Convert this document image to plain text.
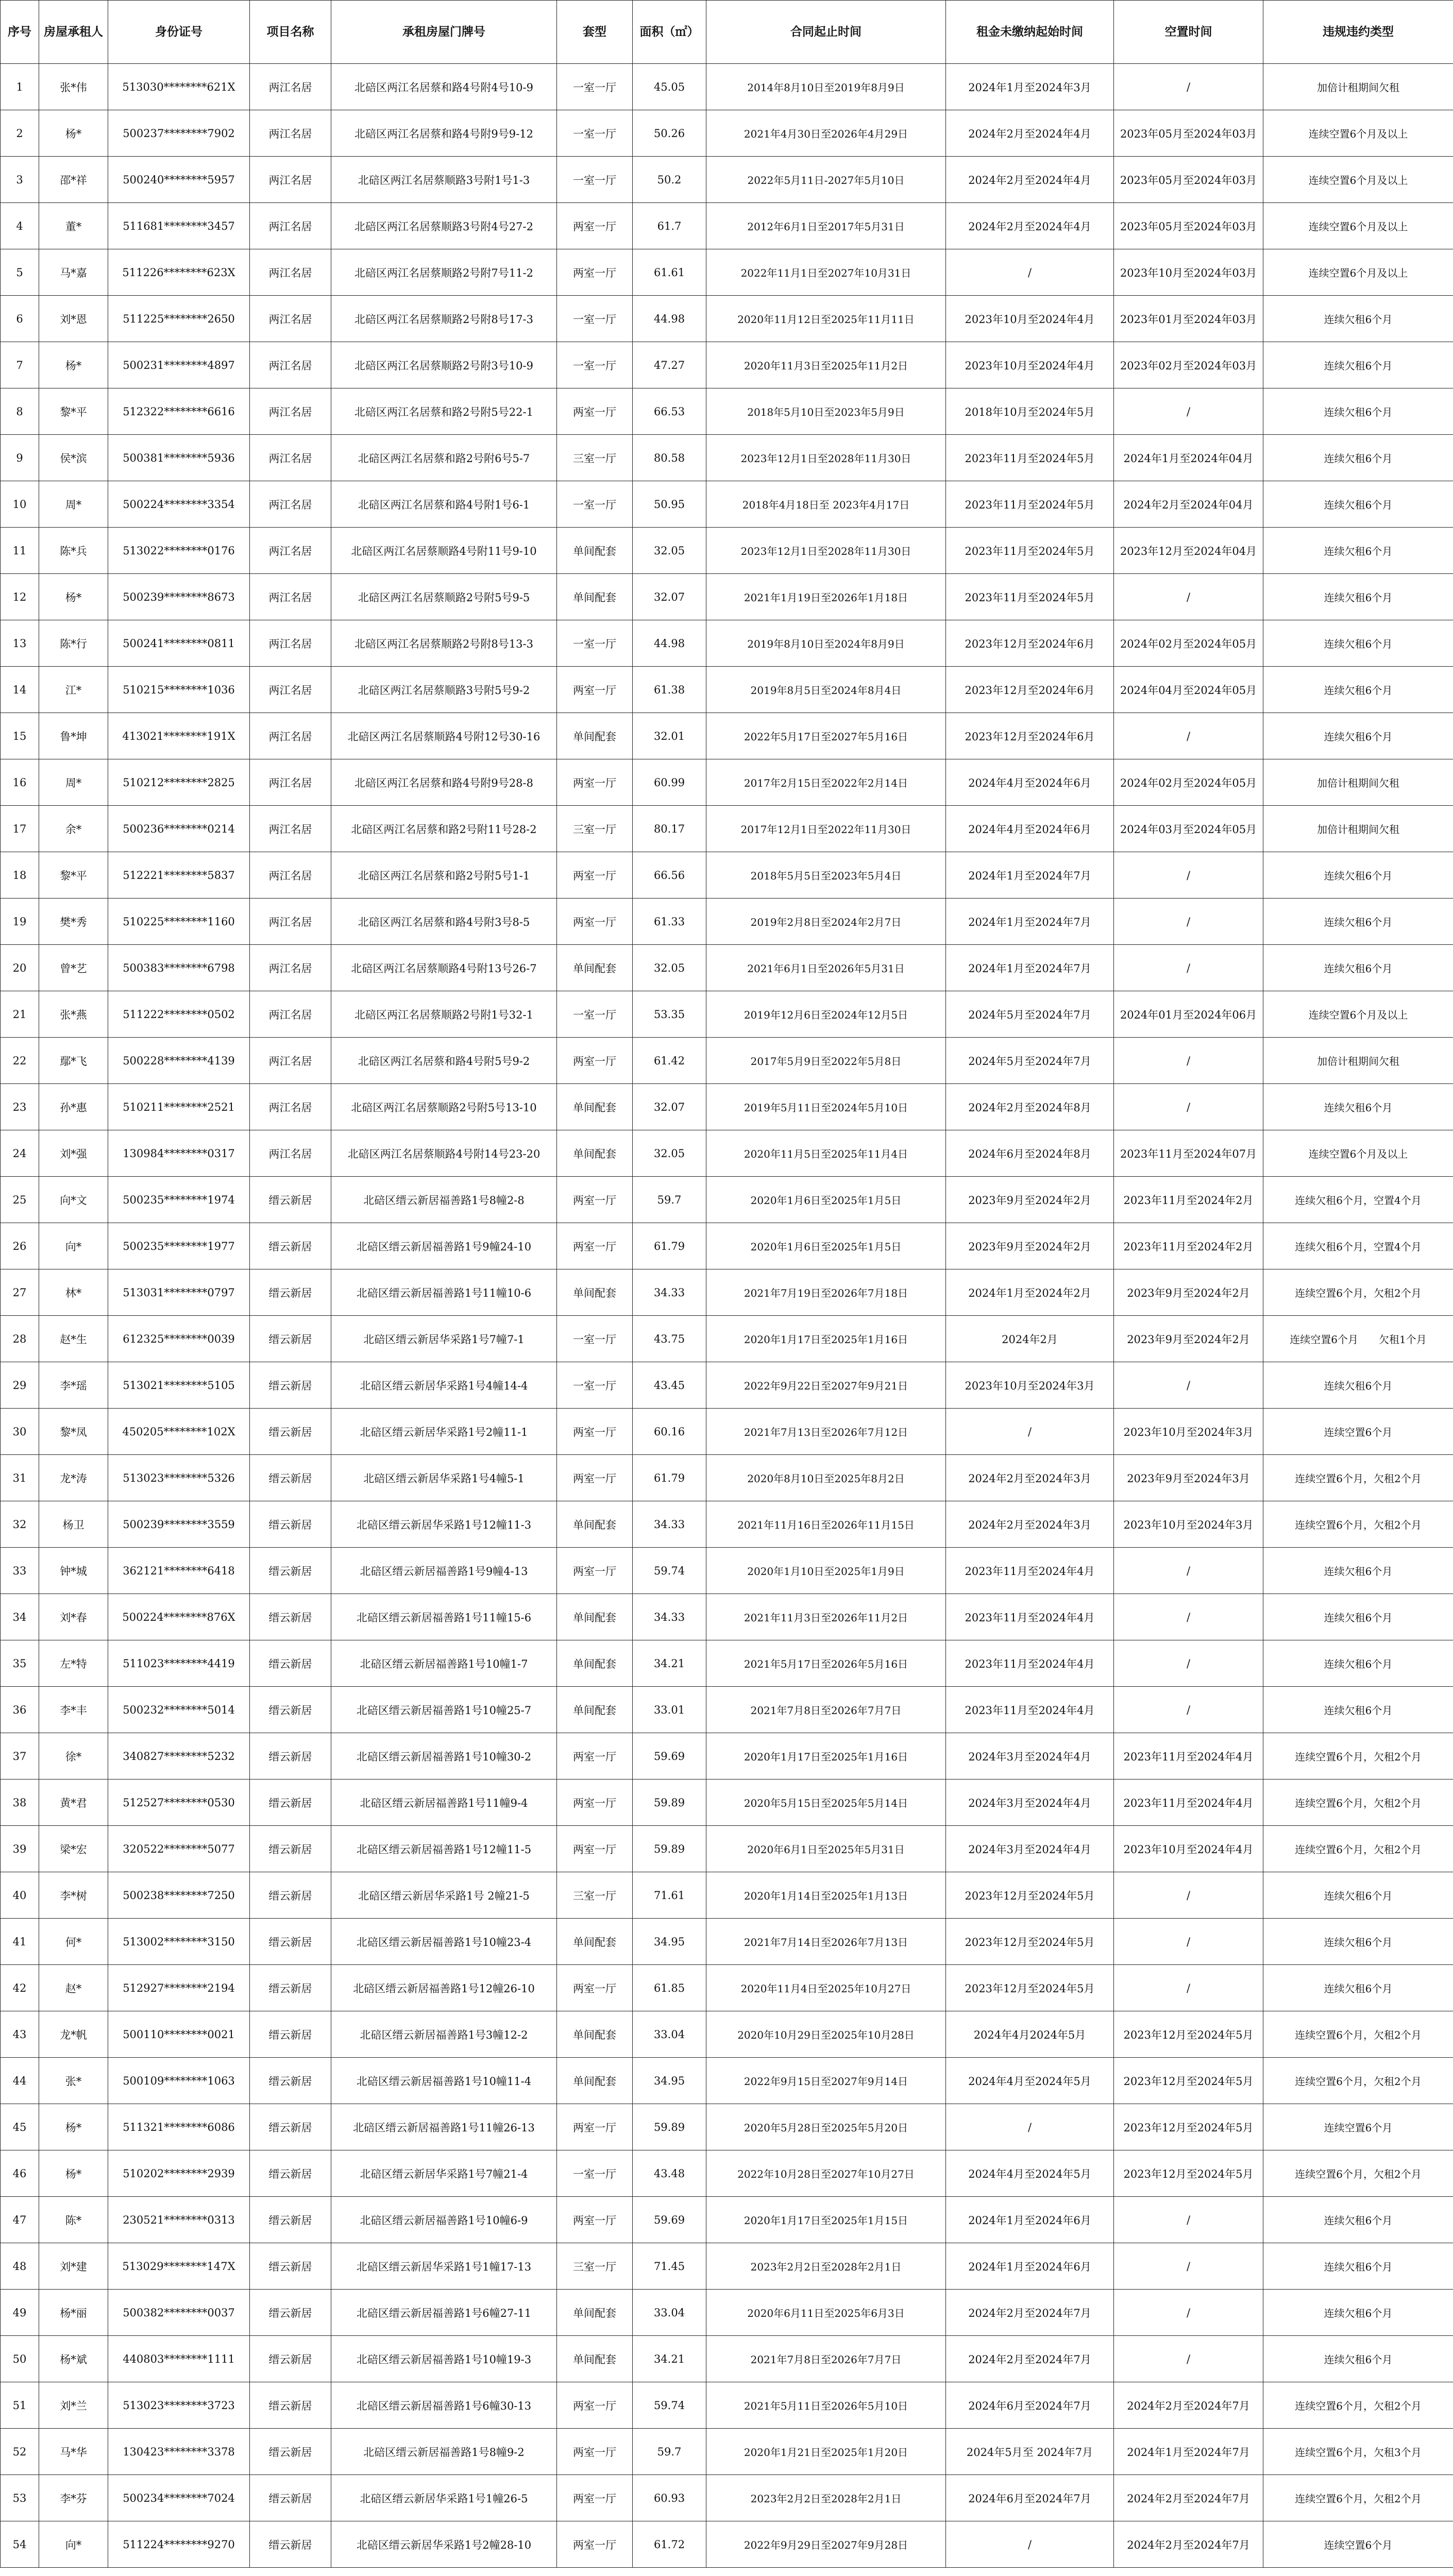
序号	房屋承租人	身份证号	项目名称	承租房屋门牌号	套型	面积（㎡）	合同起止时间	租金未缴纳起始时间	空置时间	违规违约类型
1	张*伟	513030********621X	两江名居	北碚区两江名居蔡和路4号附4号10-9	一室一厅	45.05	2014年8月10日至2019年8月9日	2024年1月至2024年3月	/	加倍计租期间欠租
2	杨*	500237********7902	两江名居	北碚区两江名居蔡和路4号附9号9-12	一室一厅	50.26	2021年4月30日至2026年4月29日	2024年2月至2024年4月	2023年05月至2024年03月	连续空置6个月及以上
3	邵*祥	500240********5957	两江名居	北碚区两江名居蔡顺路3号附1号1-3	一室一厅	50.2	2022年5月11日-2027年5月10日	2024年2月至2024年4月	2023年05月至2024年03月	连续空置6个月及以上
4	董*	511681********3457	两江名居	北碚区两江名居蔡顺路3号附4号27-2	两室一厅	61.7	2012年6月1日至2017年5月31日	2024年2月至2024年4月	2023年05月至2024年03月	连续空置6个月及以上
5	马*嘉	511226********623X	两江名居	北碚区两江名居蔡顺路2号附7号11-2	两室一厅	61.61	2022年11月1日至2027年10月31日	/	2023年10月至2024年03月	连续空置6个月及以上
6	刘*恩	511225********2650	两江名居	北碚区两江名居蔡顺路2号附8号17-3	一室一厅	44.98	2020年11月12日至2025年11月11日	2023年10月至2024年4月	2023年01月至2024年03月	连续欠租6个月
7	杨*	500231********4897	两江名居	北碚区两江名居蔡顺路2号附3号10-9	一室一厅	47.27	2020年11月3日至2025年11月2日	2023年10月至2024年4月	2023年02月至2024年03月	连续欠租6个月
8	黎*平	512322********6616	两江名居	北碚区两江名居蔡和路2号附5号22-1	两室一厅	66.53	2018年5月10日至2023年5月9日	2018年10月至2024年5月	/	连续欠租6个月
9	侯*滨	500381********5936	两江名居	北碚区两江名居蔡和路2号附6号5-7	三室一厅	80.58	2023年12月1日至2028年11月30日	2023年11月至2024年5月	2024年1月至2024年04月	连续欠租6个月
10	周*	500224********3354	两江名居	北碚区两江名居蔡和路4号附1号6-1	一室一厅	50.95	2018年4月18日至 2023年4月17日	2023年11月至2024年5月	2024年2月至2024年04月	连续欠租6个月
11	陈*兵	513022********0176	两江名居	北碚区两江名居蔡顺路4号附11号9-10	单间配套	32.05	2023年12月1日至2028年11月30日	2023年11月至2024年5月	2023年12月至2024年04月	连续欠租6个月
12	杨*	500239********8673	两江名居	北碚区两江名居蔡顺路2号附5号9-5	单间配套	32.07	2021年1月19日至2026年1月18日	2023年11月至2024年5月	/	连续欠租6个月
13	陈*行	500241********0811	两江名居	北碚区两江名居蔡顺路2号附8号13-3	一室一厅	44.98	2019年8月10日至2024年8月9日	2023年12月至2024年6月	2024年02月至2024年05月	连续欠租6个月
14	江*	510215********1036	两江名居	北碚区两江名居蔡顺路3号附5号9-2	两室一厅	61.38	2019年8月5日至2024年8月4日	2023年12月至2024年6月	2024年04月至2024年05月	连续欠租6个月
15	鲁*坤	413021********191X	两江名居	北碚区两江名居蔡顺路4号附12号30-16	单间配套	32.01	2022年5月17日至2027年5月16日	2023年12月至2024年6月	/	连续欠租6个月
16	周*	510212********2825	两江名居	北碚区两江名居蔡和路4号附9号28-8	两室一厅	60.99	2017年2月15日至2022年2月14日	2024年4月至2024年6月	2024年02月至2024年05月	加倍计租期间欠租
17	余*	500236********0214	两江名居	北碚区两江名居蔡和路2号附11号28-2	三室一厅	80.17	2017年12月1日至2022年11月30日	2024年4月至2024年6月	2024年03月至2024年05月	加倍计租期间欠租
18	黎*平	512221********5837	两江名居	北碚区两江名居蔡和路2号附5号1-1	两室一厅	66.56	2018年5月5日至2023年5月4日	2024年1月至2024年7月	/	连续欠租6个月
19	樊*秀	510225********1160	两江名居	北碚区两江名居蔡和路4号附3号8-5	两室一厅	61.33	2019年2月8日至2024年2月7日	2024年1月至2024年7月	/	连续欠租6个月
20	曾*艺	500383********6798	两江名居	北碚区两江名居蔡顺路4号附13号26-7	单间配套	32.05	2021年6月1日至2026年5月31日	2024年1月至2024年7月	/	连续欠租6个月
21	张*燕	511222********0502	两江名居	北碚区两江名居蔡顺路2号附1号32-1	一室一厅	53.35	2019年12月6日至2024年12月5日	2024年5月至2024年7月	2024年01月至2024年06月	连续空置6个月及以上
22	鄢*飞	500228********4139	两江名居	北碚区两江名居蔡和路4号附5号9-2	两室一厅	61.42	2017年5月9日至2022年5月8日	2024年5月至2024年7月	/	加倍计租期间欠租
23	孙*惠	510211********2521	两江名居	北碚区两江名居蔡顺路2号附5号13-10	单间配套	32.07	2019年5月11日至2024年5月10日	2024年2月至2024年8月	/	连续欠租6个月
24	刘*强	130984********0317	两江名居	北碚区两江名居蔡顺路4号附14号23-20	单间配套	32.05	2020年11月5日至2025年11月4日	2024年6月至2024年8月	2023年11月至2024年07月	连续空置6个月及以上
25	向*文	500235********1974	缙云新居	北碚区缙云新居福善路1号8幢2-8	两室一厅	59.7	2020年1月6日至2025年1月5日	2023年9月至2024年2月	2023年11月至2024年2月	连续欠租6个月，空置4个月
26	向*	500235********1977	缙云新居	北碚区缙云新居福善路1号9幢24-10	两室一厅	61.79	2020年1月6日至2025年1月5日	2023年9月至2024年2月	2023年11月至2024年2月	连续欠租6个月，空置4个月
27	林*	513031********0797	缙云新居	北碚区缙云新居福善路1号11幢10-6	单间配套	34.33	2021年7月19日至2026年7月18日	2024年1月至2024年2月	2023年9月至2024年2月	连续空置6个月，欠租2个月
28	赵*生	612325********0039	缙云新居	北碚区缙云新居华采路1号7幢7-1	一室一厅	43.75	2020年1月17日至2025年1月16日	2024年2月	2023年9月至2024年2月	连续空置6个月　　欠租1个月
29	李*瑶	513021********5105	缙云新居	北碚区缙云新居华采路1号4幢14-4	一室一厅	43.45	2022年9月22日至2027年9月21日	2023年10月至2024年3月	/	连续欠租6个月
30	黎*凤	450205********102X	缙云新居	北碚区缙云新居华采路1号2幢11-1	两室一厅	60.16	2021年7月13日至2026年7月12日	/	2023年10月至2024年3月	连续空置6个月
31	龙*涛	513023********5326	缙云新居	北碚区缙云新居华采路1号4幢5-1	两室一厅	61.79	2020年8月10日至2025年8月2日	2024年2月至2024年3月	2023年9月至2024年3月	连续空置6个月，欠租2个月
32	杨卫	500239********3559	缙云新居	北碚区缙云新居华采路1号12幢11-3	单间配套	34.33	2021年11月16日至2026年11月15日	2024年2月至2024年3月	2023年10月至2024年3月	连续空置6个月，欠租2个月
33	钟*城	362121********6418	缙云新居	北碚区缙云新居福善路1号9幢4-13	两室一厅	59.74	2020年1月10日至2025年1月9日	2023年11月至2024年4月	/	连续欠租6个月
34	刘*春	500224********876X	缙云新居	北碚区缙云新居福善路1号11幢15-6	单间配套	34.33	2021年11月3日至2026年11月2日	2023年11月至2024年4月	/	连续欠租6个月
35	左*特	511023********4419	缙云新居	北碚区缙云新居福善路1号10幢1-7	单间配套	34.21	2021年5月17日至2026年5月16日	2023年11月至2024年4月	/	连续欠租6个月
36	李*丰	500232********5014	缙云新居	北碚区缙云新居福善路1号10幢25-7	单间配套	33.01	2021年7月8日至2026年7月7日	2023年11月至2024年4月	/	连续欠租6个月
37	徐*	340827********5232	缙云新居	北碚区缙云新居福善路1号10幢30-2	两室一厅	59.69	2020年1月17日至2025年1月16日	2024年3月至2024年4月	2023年11月至2024年4月	连续空置6个月，欠租2个月
38	黄*君	512527********0530	缙云新居	北碚区缙云新居福善路1号11幢9-4	两室一厅	59.89	2020年5月15日至2025年5月14日	2024年3月至2024年4月	2023年11月至2024年4月	连续空置6个月，欠租2个月
39	梁*宏	320522********5077	缙云新居	北碚区缙云新居福善路1号12幢11-5	两室一厅	59.89	2020年6月1日至2025年5月31日	2024年3月至2024年4月	2023年10月至2024年4月	连续空置6个月，欠租2个月
40	李*树	500238********7250	缙云新居	北碚区缙云新居华采路1号 2幢21-5	三室一厅	71.61	2020年1月14日至2025年1月13日	2023年12月至2024年5月	/	连续欠租6个月
41	何*	513002********3150	缙云新居	北碚区缙云新居福善路1号10幢23-4	单间配套	34.95	2021年7月14日至2026年7月13日	2023年12月至2024年5月	/	连续欠租6个月
42	赵*	512927********2194	缙云新居	北碚区缙云新居福善路1号12幢26-10	两室一厅	61.85	2020年11月4日至2025年10月27日	2023年12月至2024年5月	/	连续欠租6个月
43	龙*帆	500110********0021	缙云新居	北碚区缙云新居福善路1号3幢12-2	单间配套	33.04	2020年10月29日至2025年10月28日	2024年4月2024年5月	2023年12月至2024年5月	连续空置6个月，欠租2个月
44	张*	500109********1063	缙云新居	北碚区缙云新居福善路1号10幢11-4	单间配套	34.95	2022年9月15日至2027年9月14日	2024年4月至2024年5月	2023年12月至2024年5月	连续空置6个月，欠租2个月
45	杨*	511321********6086	缙云新居	北碚区缙云新居福善路1号11幢26-13	两室一厅	59.89	2020年5月28日至2025年5月20日	/	2023年12月至2024年5月	连续空置6个月
46	杨*	510202********2939	缙云新居	北碚区缙云新居华采路1号7幢21-4	一室一厅	43.48	2022年10月28日至2027年10月27日	2024年4月至2024年5月	2023年12月至2024年5月	连续空置6个月，欠租2个月
47	陈*	230521********0313	缙云新居	北碚区缙云新居福善路1号10幢6-9	两室一厅	59.69	2020年1月17日至2025年1月15日	2024年1月至2024年6月	/	连续欠租6个月
48	刘*建	513029********147X	缙云新居	北碚区缙云新居华采路1号1幢17-13	三室一厅	71.45	2023年2月2日至2028年2月1日	2024年1月至2024年6月	/	连续欠租6个月
49	杨*丽	500382********0037	缙云新居	北碚区缙云新居福善路1号6幢27-11	单间配套	33.04	2020年6月11日至2025年6月3日	2024年2月至2024年7月	/	连续欠租6个月
50	杨*斌	440803********1111	缙云新居	北碚区缙云新居福善路1号10幢19-3	单间配套	34.21	2021年7月8日至2026年7月7日	2024年2月至2024年7月	/	连续欠租6个月
51	刘*兰	513023********3723	缙云新居	北碚区缙云新居福善路1号6幢30-13	两室一厅	59.74	2021年5月11日至2026年5月10日	2024年6月至2024年7月	2024年2月至2024年7月	连续空置6个月，欠租2个月
52	马*华	130423********3378	缙云新居	北碚区缙云新居福善路1号8幢9-2	两室一厅	59.7	2020年1月21日至2025年1月20日	2024年5月至 2024年7月	2024年1月至2024年7月	连续空置6个月，欠租3个月
53	李*芬	500234********7024	缙云新居	北碚区缙云新居华采路1号1幢26-5	两室一厅	60.93	2023年2月2日至2028年2月1日	2024年6月至2024年7月	2024年2月至2024年7月	连续空置6个月，欠租2个月
54	向*	511224********9270	缙云新居	北碚区缙云新居华采路1号2幢28-10	两室一厅	61.72	2022年9月29日至2027年9月28日	/	2024年2月至2024年7月	连续空置6个月
